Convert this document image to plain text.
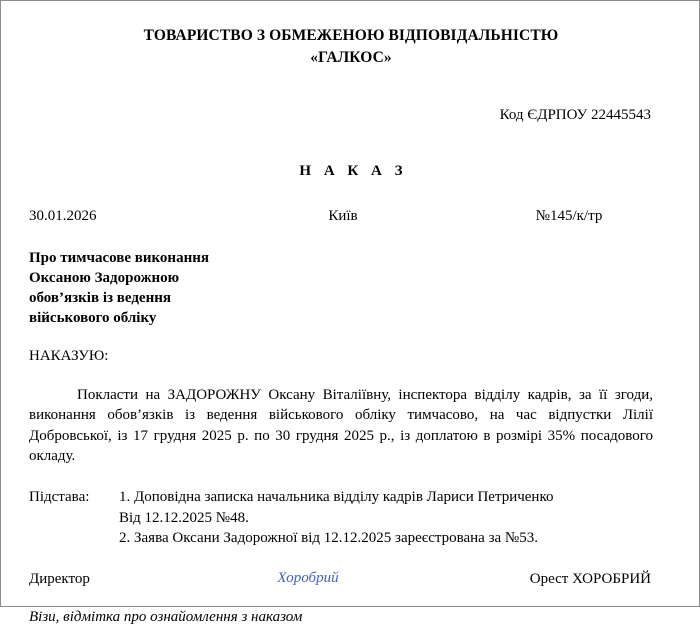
ТОВАРИСТВО З ОБМЕЖЕНОЮ ВІДПОВІДАЛЬНІСТЮ
«ГАЛКОС»
Код ЄДРПОУ 22445543
Н А К А З
30.01.2026	Київ	№145/к/тр
Про тимчасове виконання
Оксаною Задорожною
обов’язків із ведення
військового обліку
НАКАЗУЮ:
Покласти на ЗАДОРОЖНУ Оксану Віталіївну, інспектора відділу кадрів, за її згоди, виконання обов’язків із ведення військового обліку тимчасово, на час відпустки Лілії Добровської, із 17 грудня 2025 р. по 30 грудня 2025 р., із доплатою в розмірі 35% посадового окладу.
Підстава: 1. Доповідна записка начальника відділу кадрів Лариси Петриченко
Від 12.12.2025 №48.
2. Заява Оксани Задорожної від 12.12.2025 зареєстрована за №53.
Директор	Хоробрий	Орест ХОРОБРИЙ
Візи, відмітка про ознайомлення з наказом
